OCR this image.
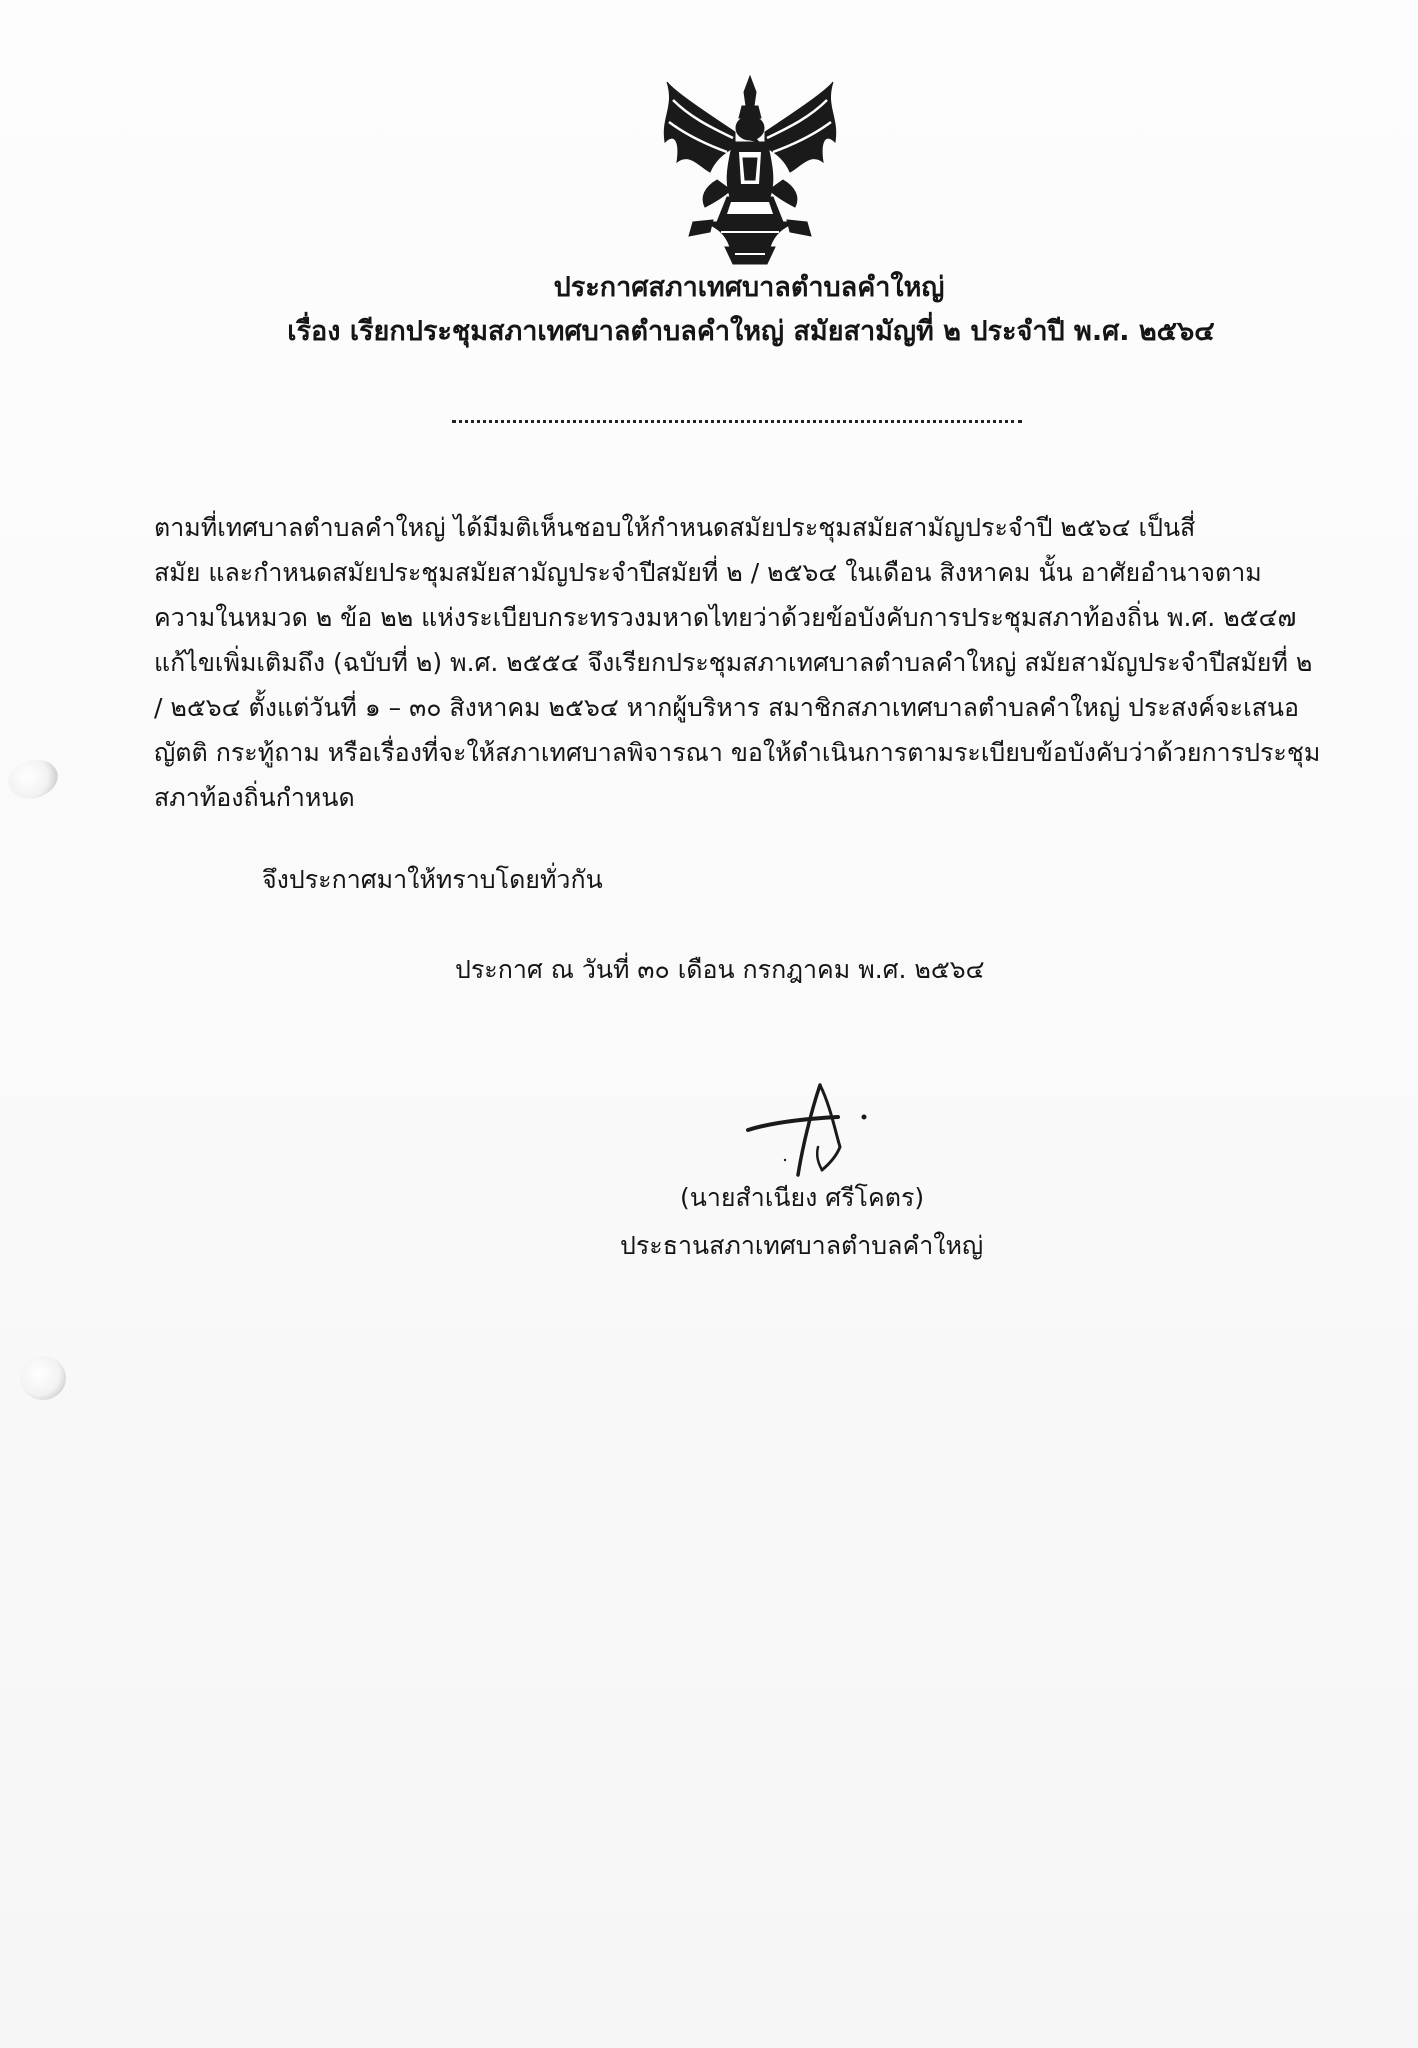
ประกาศสภาเทศบาลตำบลคำใหญ่
เรื่อง เรียกประชุมสภาเทศบาลตำบลคำใหญ่ สมัยสามัญที่ ๒ ประจำปี พ.ศ. ๒๕๖๔
ตามที่เทศบาลตำบลคำใหญ่ ได้มีมติเห็นชอบให้กำหนดสมัยประชุมสมัยสามัญประจำปี ๒๕๖๔ เป็นสี่
สมัย และกำหนดสมัยประชุมสมัยสามัญประจำปีสมัยที่ ๒ / ๒๕๖๔ ในเดือน สิงหาคม นั้น อาศัยอำนาจตาม
ความในหมวด ๒ ข้อ ๒๒ แห่งระเบียบกระทรวงมหาดไทยว่าด้วยข้อบังคับการประชุมสภาท้องถิ่น พ.ศ. ๒๕๔๗
แก้ไขเพิ่มเติมถึง (ฉบับที่ ๒) พ.ศ. ๒๕๕๔ จึงเรียกประชุมสภาเทศบาลตำบลคำใหญ่ สมัยสามัญประจำปีสมัยที่ ๒
/ ๒๕๖๔ ตั้งแต่วันที่ ๑ – ๓๐ สิงหาคม ๒๕๖๔ หากผู้บริหาร สมาชิกสภาเทศบาลตำบลคำใหญ่ ประสงค์จะเสนอ
ญัตติ กระทู้ถาม หรือเรื่องที่จะให้สภาเทศบาลพิจารณา ขอให้ดำเนินการตามระเบียบข้อบังคับว่าด้วยการประชุม
สภาท้องถิ่นกำหนด
จึงประกาศมาให้ทราบโดยทั่วกัน
ประกาศ ณ วันที่ ๓๐ เดือน กรกฎาคม พ.ศ. ๒๕๖๔
(นายสำเนียง ศรีโคตร)
ประธานสภาเทศบาลตำบลคำใหญ่
